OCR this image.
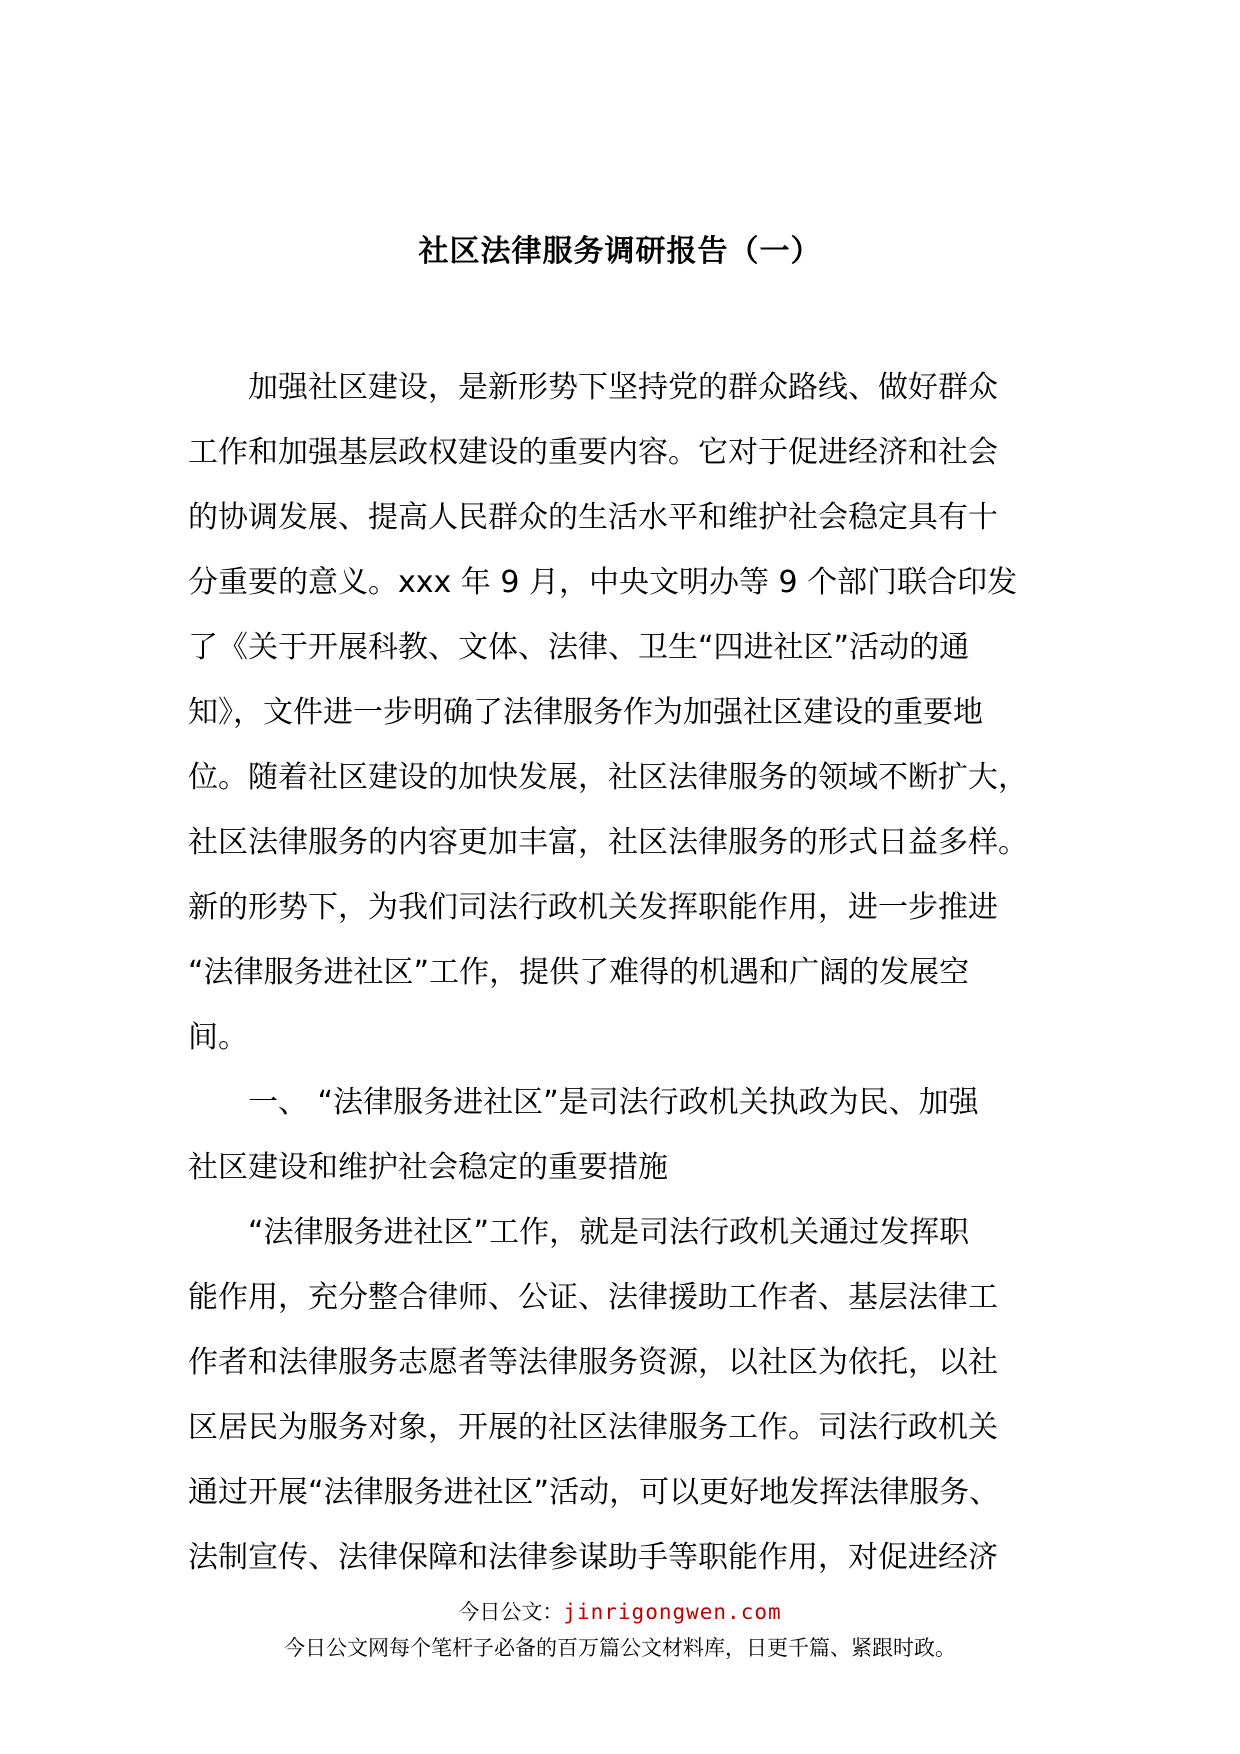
社区法律服务调研报告（一）
加强社区建设，是新形势下坚持党的群众路线、做好群众
工作和加强基层政权建设的重要内容。它对于促进经济和社会
的协调发展、提高人民群众的生活水平和维护社会稳定具有十
分重要的意义。xxx 年 9 月，中央文明办等 9 个部门联合印发
了《关于开展科教、文体、法律、卫生“四进社区”活动的通
知》，文件进一步明确了法律服务作为加强社区建设的重要地
位。随着社区建设的加快发展，社区法律服务的领域不断扩大，
社区法律服务的内容更加丰富，社区法律服务的形式日益多样。
新的形势下，为我们司法行政机关发挥职能作用，进一步推进
“法律服务进社区”工作，提供了难得的机遇和广阔的发展空
间。
一、 “法律服务进社区”是司法行政机关执政为民、加强
社区建设和维护社会稳定的重要措施
“法律服务进社区”工作，就是司法行政机关通过发挥职
能作用，充分整合律师、公证、法律援助工作者、基层法律工
作者和法律服务志愿者等法律服务资源，以社区为依托，以社
区居民为服务对象，开展的社区法律服务工作。司法行政机关
通过开展“法律服务进社区”活动，可以更好地发挥法律服务、
法制宣传、法律保障和法律参谋助手等职能作用，对促进经济
今日公文：jinrigongwen.com
今日公文网每个笔杆子必备的百万篇公文材料库，日更千篇、紧跟时政。
